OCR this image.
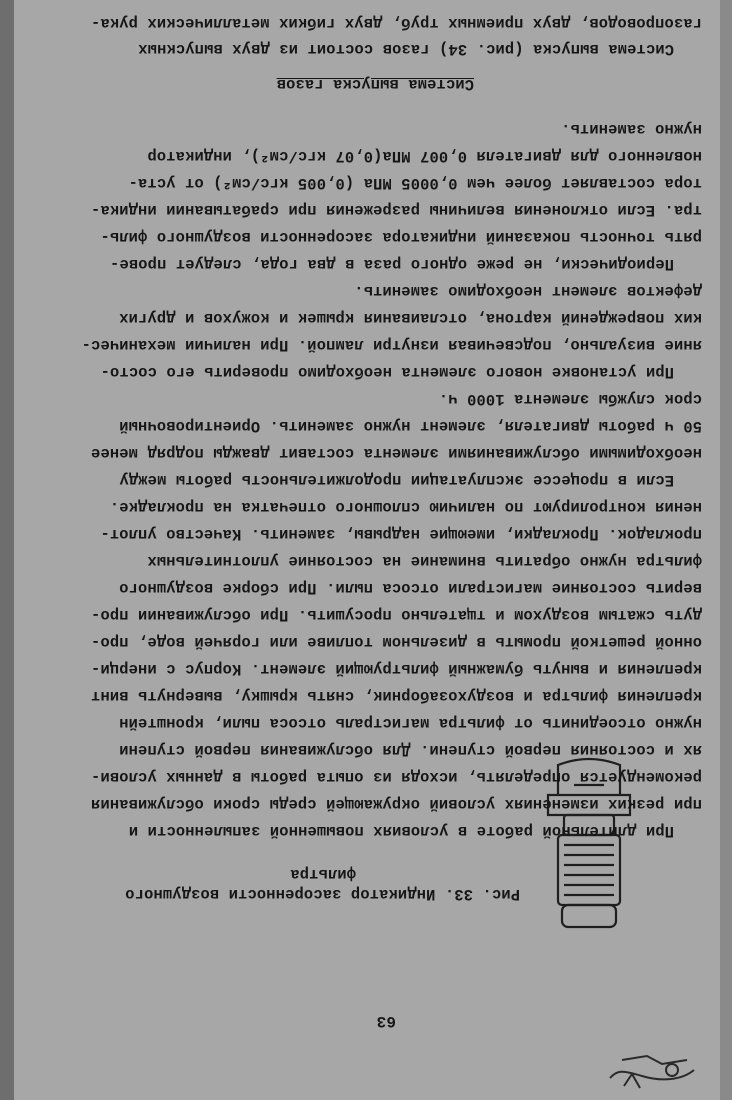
63
Рис. 33. Индикатор засоренности воздушного
фильтра
При длительной работе в условиях повышенной запыленности и
при резких изменениях условий окружающей среды сроки обслуживания
рекомендуется определять, исходя из опыта работы в данных услови-
ях и состояния первой ступени. Для обслуживания первой ступени
нужно отсоединить от фильтра магистраль отсоса пыли, кронштейн
крепления фильтра и воздухозаборник, снять крышку, вывернуть винт
крепления и вынуть бумажный фильтрующий элемент. Корпус с инерци-
онной решеткой промыть в дизельном топливе или горячей воде, про-
дуть сжатым воздухом и тщательно просушить. При обслуживании про-
верить состояние магистрали отсоса пыли. При сборке воздушного
фильтра нужно обратить внимание на состояние уплотнительных
прокладок. Прокладки, имеющие надрывы, заменить. Качество уплот-
нения контролируют по наличию сплошного отпечатка на прокладке.
Если в процессе эксплуатации продолжительность работы между
необходимыми обслуживаниями элемента составит дважды подряд менее
50 ч работы двигателя, элемент нужно заменить. Ориентировочный
срок службы элемента 1000 ч.
При установке нового элемента необходимо проверить его состо-
яние визуально, подсвечивая изнутри лампой. При наличии механичес-
ких повреждений картона, отслаивания крышек и кожухов и других
дефектов элемент необходимо заменить.
Периодически, не реже одного раза в два года, следует прове-
рять точность показаний индикатора засоренности воздушного филь-
тра. Если отклонения величины разрежения при срабатывании индика-
тора составляет более чем 0,0005 МПа (0,005 кгс/см²) от уста-
новленного для двигателя 0,007 МПа(0,07 кгс/см²), индикатор
нужно заменить.
Система выпуска газов
Система выпуска (рис. 34) газов состоит из двух выпускных
газопроводов, двух приемных труб, двух гибких металлических рука-
